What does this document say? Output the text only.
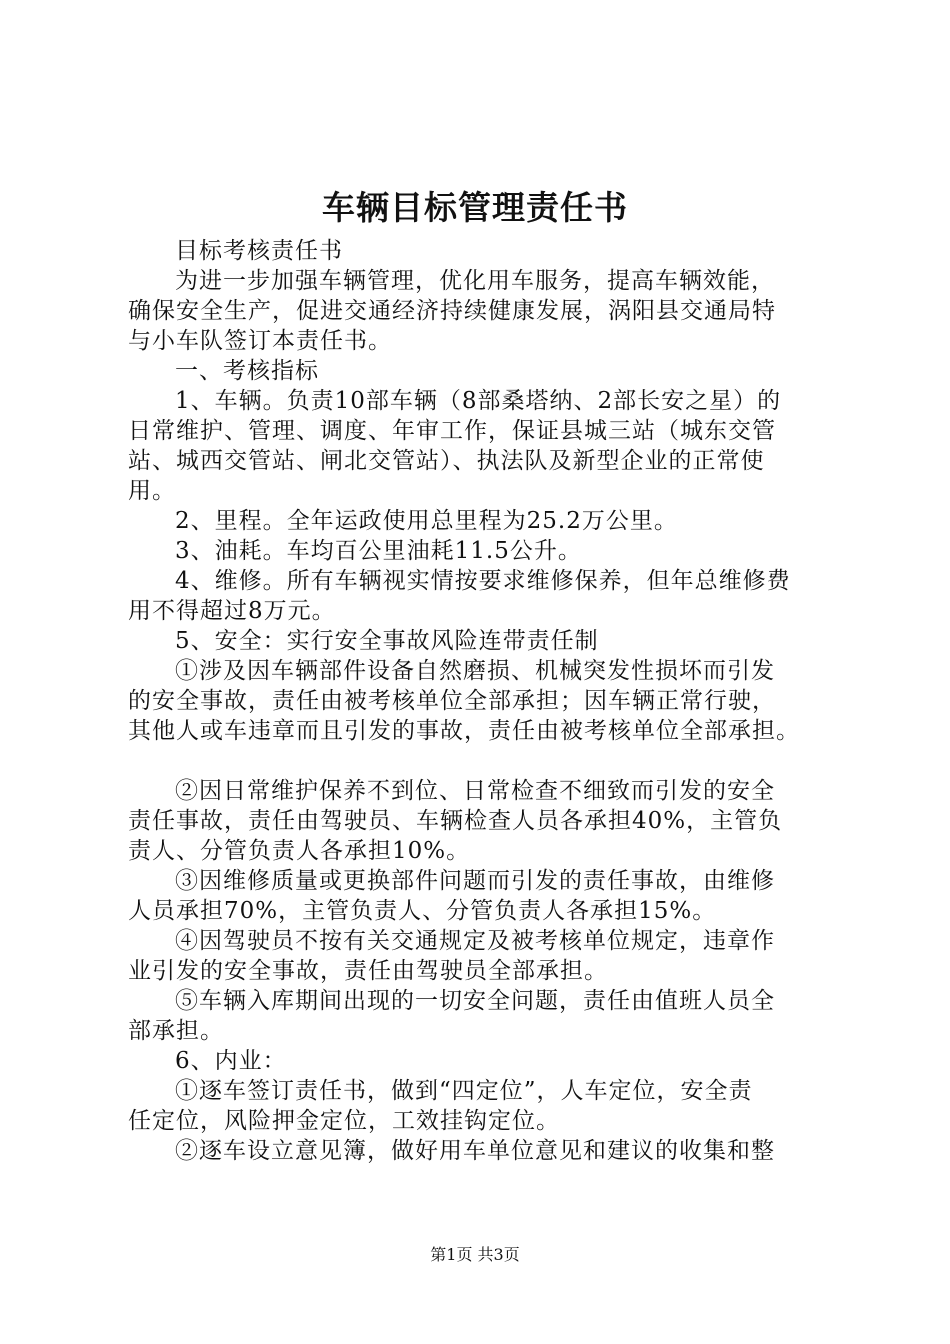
车辆目标管理责任书
目标考核责任书
为进一步加强车辆管理，优化用车服务，提高车辆效能，
确保安全生产，促进交通经济持续健康发展，涡阳县交通局特
与小车队签订本责任书。
一、考核指标
1、车辆。负责10部车辆（8部桑塔纳、2部长安之星）的
日常维护、管理、调度、年审工作，保证县城三站（城东交管
站、城西交管站、闸北交管站）、执法队及新型企业的正常使
用。
2、里程。全年运政使用总里程为25.2万公里。
3、油耗。车均百公里油耗11.5公升。
4、维修。所有车辆视实情按要求维修保养，但年总维修费
用不得超过8万元。
5、安全：实行安全事故风险连带责任制
①涉及因车辆部件设备自然磨损、机械突发性损坏而引发
的安全事故，责任由被考核单位全部承担；因车辆正常行驶，
其他人或车违章而且引发的事故，责任由被考核单位全部承担。
②因日常维护保养不到位、日常检查不细致而引发的安全
责任事故，责任由驾驶员、车辆检查人员各承担40%，主管负
责人、分管负责人各承担10%。
③因维修质量或更换部件问题而引发的责任事故，由维修
人员承担70%，主管负责人、分管负责人各承担15%。
④因驾驶员不按有关交通规定及被考核单位规定，违章作
业引发的安全事故，责任由驾驶员全部承担。
⑤车辆入库期间出现的一切安全问题，责任由值班人员全
部承担。
6、内业：
①逐车签订责任书，做到“四定位”，人车定位，安全责
任定位，风险押金定位，工效挂钩定位。
②逐车设立意见簿，做好用车单位意见和建议的收集和整
第1页 共3页
